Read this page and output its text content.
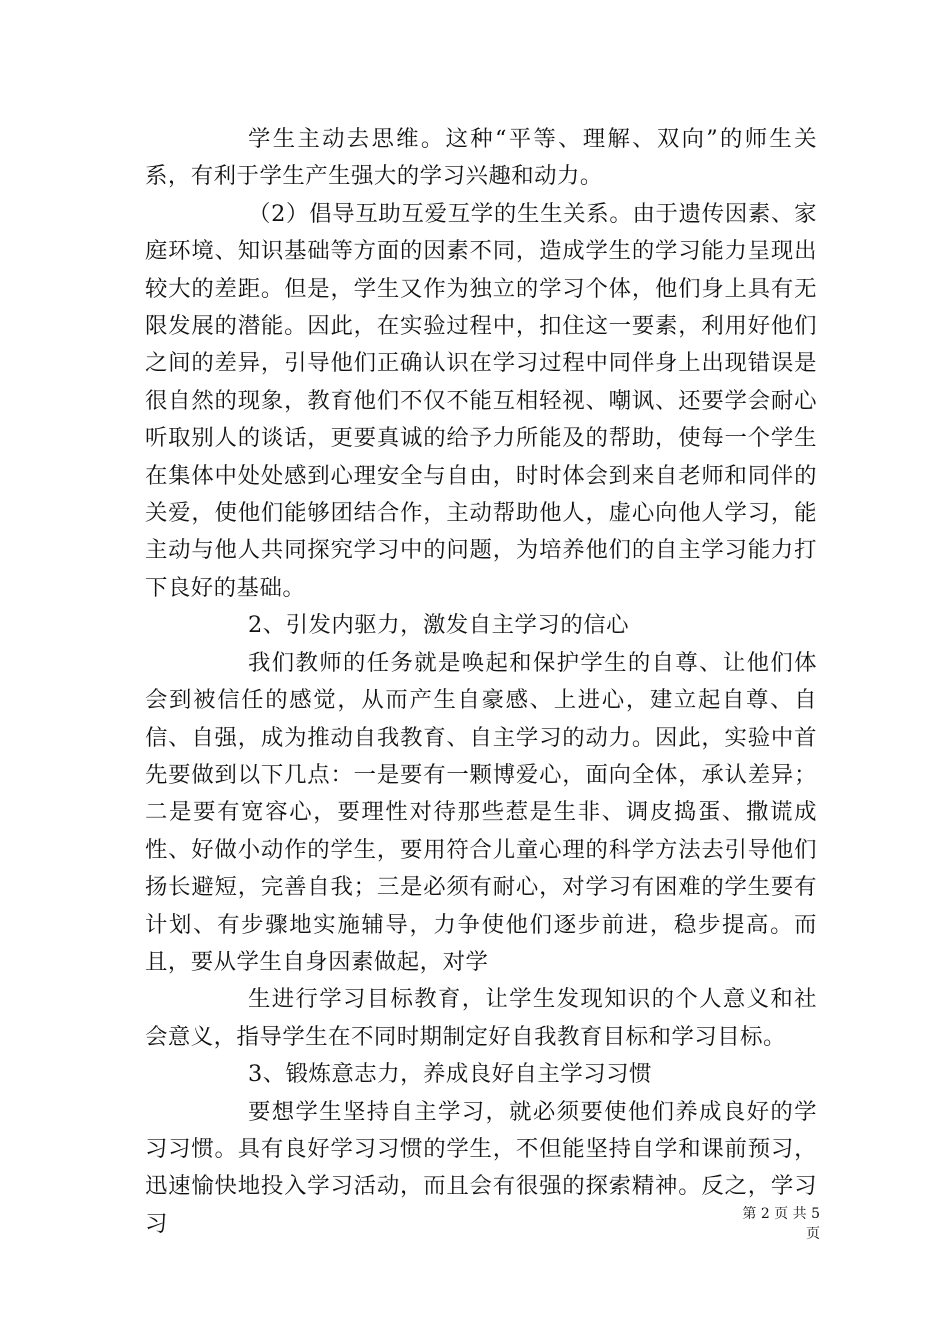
学生主动去思维。这种“平等、理解、双向”的师生关系，有利于学生产生强大的学习兴趣和动力。

（2）倡导互助互爱互学的生生关系。由于遗传因素、家庭环境、知识基础等方面的因素不同，造成学生的学习能力呈现出较大的差距。但是，学生又作为独立的学习个体，他们身上具有无限发展的潜能。因此，在实验过程中，扣住这一要素，利用好他们之间的差异，引导他们正确认识在学习过程中同伴身上出现错误是很自然的现象，教育他们不仅不能互相轻视、嘲讽、还要学会耐心听取别人的谈话，更要真诚的给予力所能及的帮助，使每一个学生在集体中处处感到心理安全与自由，时时体会到来自老师和同伴的关爱，使他们能够团结合作，主动帮助他人，虚心向他人学习，能主动与他人共同探究学习中的问题，为培养他们的自主学习能力打下良好的基础。

2、引发内驱力，激发自主学习的信心

我们教师的任务就是唤起和保护学生的自尊、让他们体会到被信任的感觉，从而产生自豪感、上进心，建立起自尊、自信、自强，成为推动自我教育、自主学习的动力。因此，实验中首先要做到以下几点：一是要有一颗博爱心，面向全体，承认差异；二是要有宽容心，要理性对待那些惹是生非、调皮捣蛋、撒谎成性、好做小动作的学生，要用符合儿童心理的科学方法去引导他们扬长避短，完善自我；三是必须有耐心，对学习有困难的学生要有计划、有步骤地实施辅导，力争使他们逐步前进，稳步提高。而且，要从学生自身因素做起，对学

生进行学习目标教育，让学生发现知识的个人意义和社会意义，指导学生在不同时期制定好自我教育目标和学习目标。

3、锻炼意志力，养成良好自主学习习惯

要想学生坚持自主学习，就必须要使他们养成良好的学习习惯。具有良好学习习惯的学生，不但能坚持自学和课前预习，迅速愉快地投入学习活动，而且会有很强的探索精神。反之，学习习	第 2 页 共 5 页
